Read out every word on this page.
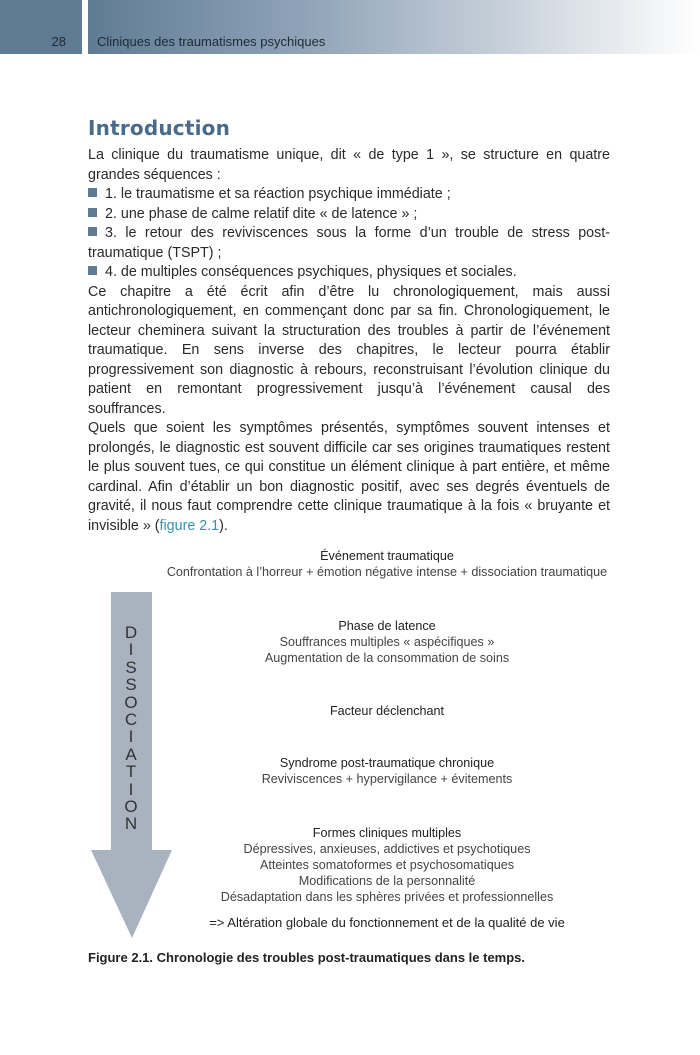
28 Cliniques des traumatismes psychiques
Introduction

La clinique du traumatisme unique, dit « de type 1 », se structure en quatre grandes séquences :

1. le traumatisme et sa réaction psychique immédiate ;
2. une phase de calme relatif dite « de latence » ;
3. le retour des reviviscences sous la forme d’un trouble de stress post-traumatique (TSPT) ;
4. de multiples conséquences psychiques, physiques et sociales.

Ce chapitre a été écrit afin d’être lu chronologiquement, mais aussi antichronologiquement, en commençant donc par sa fin. Chronologiquement, le lecteur cheminera suivant la structuration des troubles à partir de l’événement traumatique. En sens inverse des chapitres, le lecteur pourra établir progressivement son diagnostic à rebours, reconstruisant l’évolution clinique du patient en remontant progressivement jusqu’à l’événement causal des souffrances.

Quels que soient les symptômes présentés, symptômes souvent intenses et prolongés, le diagnostic est souvent difficile car ses origines traumatiques restent le plus souvent tues, ce qui constitue un élément clinique à part entière, et même cardinal. Afin d’établir un bon diagnostic positif, avec ses degrés éventuels de gravité, il nous faut comprendre cette clinique traumatique à la fois « bruyante et invisible » (figure 2.1).

Événement traumatique
Confrontation à l’horreur + émotion négative intense + dissociation traumatique
D
I
S
S
O
C
I
A
T
I
O
N
Phase de latence
Souffrances multiples « aspécifiques »
Augmentation de la consommation de soins
Facteur déclenchant
Syndrome post-traumatique chronique
Reviviscences + hypervigilance + évitements
Formes cliniques multiples
Dépressives, anxieuses, addictives et psychotiques
Atteintes somatoformes et psychosomatiques
Modifications de la personnalité
Désadaptation dans les sphères privées et professionnelles
=> Altération globale du fonctionnement et de la qualité de vie
Figure 2.1. Chronologie des troubles post-traumatiques dans le temps.
